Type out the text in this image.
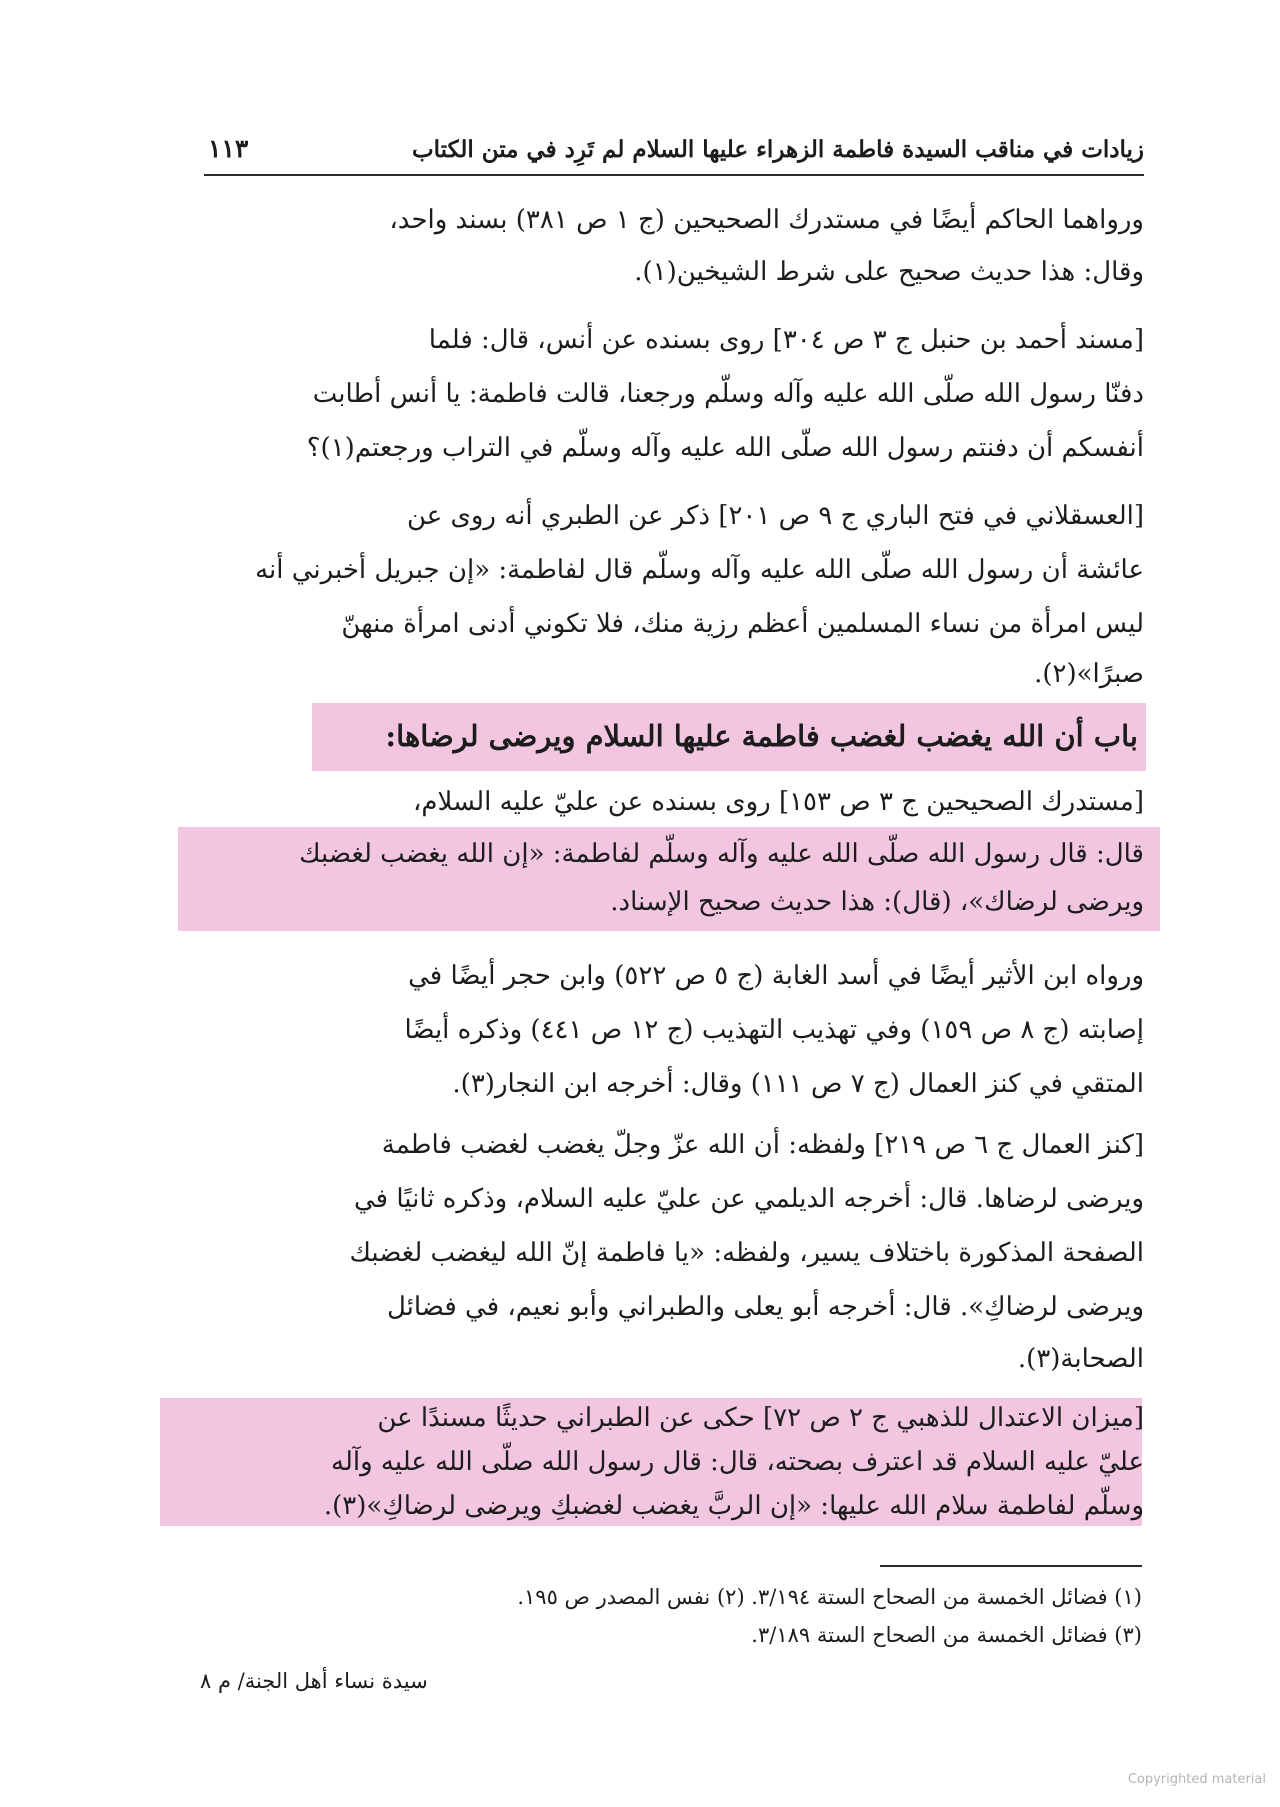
زيادات في مناقب السيدة فاطمة الزهراء عليها السلام لم تَرِد في متن الكتاب
١١٣
ورواهما الحاكم أيضًا في مستدرك الصحيحين (ج ١ ص ٣٨١) بسند واحد،
وقال: هذا حديث صحيح على شرط الشيخين(١).
[مسند أحمد بن حنبل ج ٣ ص ٣٠٤] روى بسنده عن أنس، قال: فلما
دفنّا رسول الله صلّى الله عليه وآله وسلّم ورجعنا، قالت فاطمة: يا أنس أطابت
أنفسكم أن دفنتم رسول الله صلّى الله عليه وآله وسلّم في التراب ورجعتم(١)؟
[العسقلاني في فتح الباري ج ٩ ص ٢٠١] ذكر عن الطبري أنه روى عن
عائشة أن رسول الله صلّى الله عليه وآله وسلّم قال لفاطمة: «إن جبريل أخبرني أنه
ليس امرأة من نساء المسلمين أعظم رزية منك، فلا تكوني أدنى امرأة منهنّ
صبرًا»(٢).
باب أن الله يغضب لغضب فاطمة عليها السلام ويرضى لرضاها:
[مستدرك الصحيحين ج ٣ ص ١٥٣] روى بسنده عن عليّ عليه السلام،
قال: قال رسول الله صلّى الله عليه وآله وسلّم لفاطمة: «إن الله يغضب لغضبك
ويرضى لرضاك»، (قال): هذا حديث صحيح الإسناد.
ورواه ابن الأثير أيضًا في أسد الغابة (ج ٥ ص ٥٢٢) وابن حجر أيضًا في
إصابته (ج ٨ ص ١٥٩) وفي تهذيب التهذيب (ج ١٢ ص ٤٤١) وذكره أيضًا
المتقي في كنز العمال (ج ٧ ص ١١١) وقال: أخرجه ابن النجار(٣).
[كنز العمال ج ٦ ص ٢١٩] ولفظه: أن الله عزّ وجلّ يغضب لغضب فاطمة
ويرضى لرضاها. قال: أخرجه الديلمي عن عليّ عليه السلام، وذكره ثانيًا في
الصفحة المذكورة باختلاف يسير، ولفظه: «يا فاطمة إنّ الله ليغضب لغضبك
ويرضى لرضاكِ». قال: أخرجه أبو يعلى والطبراني وأبو نعيم، في فضائل
الصحابة(٣).
[ميزان الاعتدال للذهبي ج ٢ ص ٧٢] حكى عن الطبراني حديثًا مسندًا عن
عليّ عليه السلام قد اعترف بصحته، قال: قال رسول الله صلّى الله عليه وآله
وسلّم لفاطمة سلام الله عليها: «إن الربَّ يغضب لغضبكِ ويرضى لرضاكِ»(٣).
(١) فضائل الخمسة من الصحاح الستة ٣/١٩٤. (٢) نفس المصدر ص ١٩٥.
(٣) فضائل الخمسة من الصحاح الستة ٣/١٨٩.
سيدة نساء أهل الجنة/ م ٨
Copyrighted material
